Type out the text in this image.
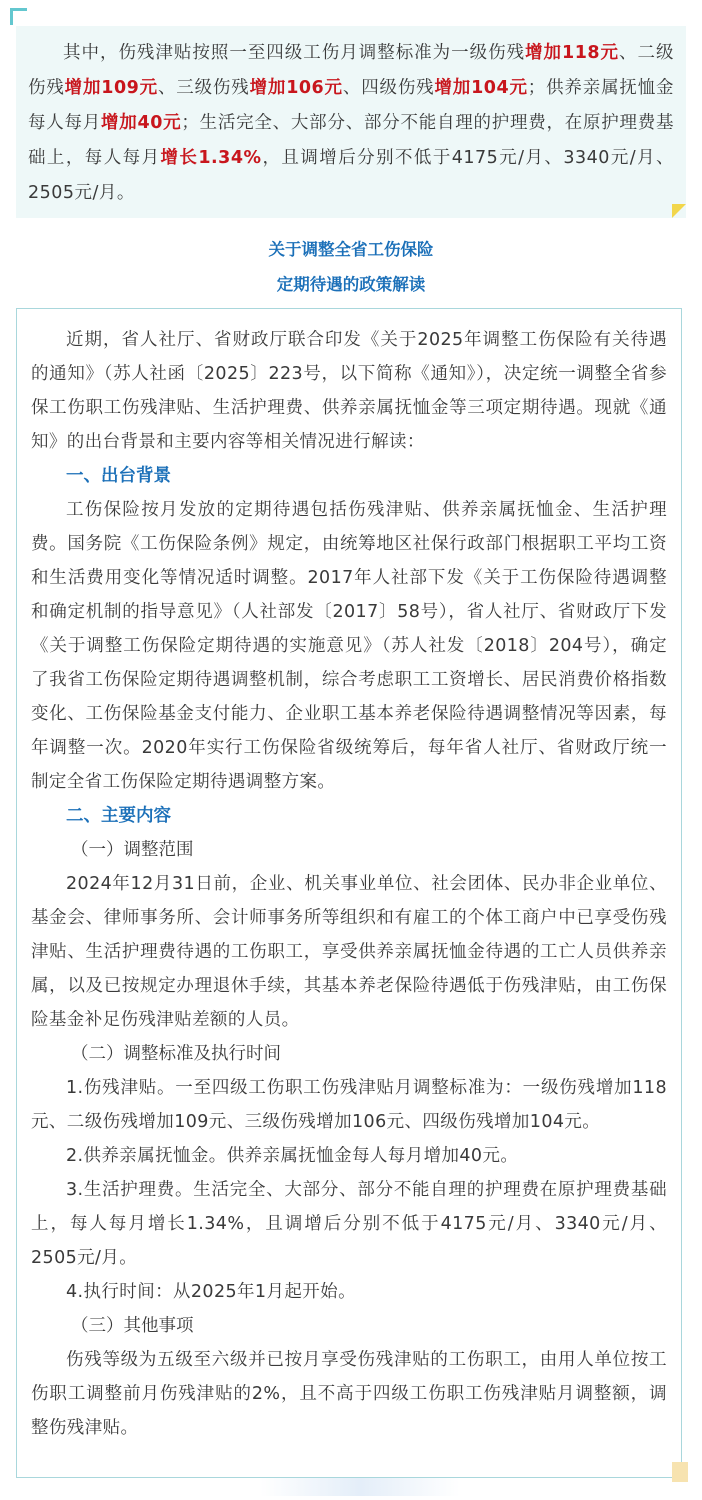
其中，伤残津贴按照一至四级工伤月调整标准为一级伤残增加118元、二级伤残增加109元、三级伤残增加106元、四级伤残增加104元；供养亲属抚恤金每人每月增加40元；生活完全、大部分、部分不能自理的护理费，在原护理费基础上，每人每月增长1.34%，且调增后分别不低于4175元/月、3340元/月、2505元/月。

关于调整全省工伤保险
定期待遇的政策解读

近期，省人社厅、省财政厅联合印发《关于2025年调整工伤保险有关待遇的通知》（苏人社函〔2025〕223号，以下简称《通知》），决定统一调整全省参保工伤职工伤残津贴、生活护理费、供养亲属抚恤金等三项定期待遇。现就《通知》的出台背景和主要内容等相关情况进行解读：

一、出台背景

工伤保险按月发放的定期待遇包括伤残津贴、供养亲属抚恤金、生活护理费。国务院《工伤保险条例》规定，由统筹地区社保行政部门根据职工平均工资和生活费用变化等情况适时调整。2017年人社部下发《关于工伤保险待遇调整和确定机制的指导意见》（人社部发〔2017〕58号），省人社厅、省财政厅下发《关于调整工伤保险定期待遇的实施意见》（苏人社发〔2018〕204号），确定了我省工伤保险定期待遇调整机制，综合考虑职工工资增长、居民消费价格指数变化、工伤保险基金支付能力、企业职工基本养老保险待遇调整情况等因素，每年调整一次。2020年实行工伤保险省级统筹后，每年省人社厅、省财政厅统一制定全省工伤保险定期待遇调整方案。

二、主要内容

（一）调整范围

2024年12月31日前，企业、机关事业单位、社会团体、民办非企业单位、基金会、律师事务所、会计师事务所等组织和有雇工的个体工商户中已享受伤残津贴、生活护理费待遇的工伤职工，享受供养亲属抚恤金待遇的工亡人员供养亲属，以及已按规定办理退休手续，其基本养老保险待遇低于伤残津贴，由工伤保险基金补足伤残津贴差额的人员。

（二）调整标准及执行时间

1.伤残津贴。一至四级工伤职工伤残津贴月调整标准为：一级伤残增加118元、二级伤残增加109元、三级伤残增加106元、四级伤残增加104元。

2.供养亲属抚恤金。供养亲属抚恤金每人每月增加40元。

3.生活护理费。生活完全、大部分、部分不能自理的护理费在原护理费基础上，每人每月增长1.34%，且调增后分别不低于4175元/月、3340元/月、2505元/月。

4.执行时间：从2025年1月起开始。

（三）其他事项

伤残等级为五级至六级并已按月享受伤残津贴的工伤职工，由用人单位按工伤职工调整前月伤残津贴的2%，且不高于四级工伤职工伤残津贴月调整额，调整伤残津贴。
